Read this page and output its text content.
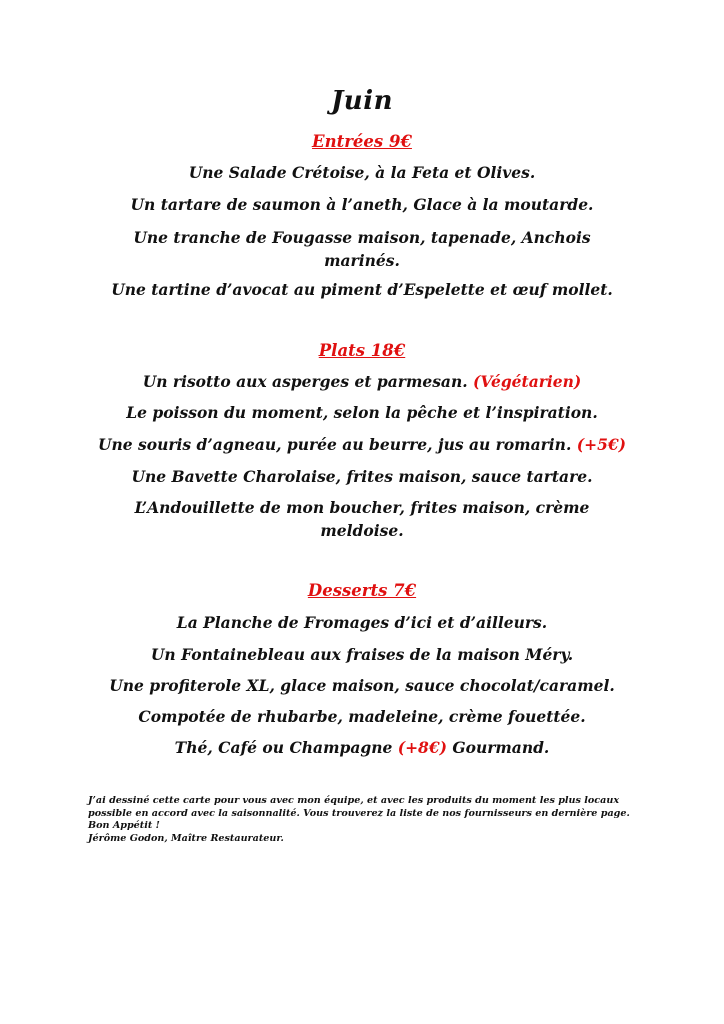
Juin
Entrées 9€
Une Salade Crétoise, à la Feta et Olives.
Un tartare de saumon à l’aneth, Glace à la moutarde.
Une tranche de Fougasse maison, tapenade, Anchois marinés.
Une tartine d’avocat au piment d’Espelette et œuf mollet.
Plats 18€
Un risotto aux asperges et parmesan. (Végétarien)
Le poisson du moment, selon la pêche et l’inspiration.
Une souris d’agneau, purée au beurre, jus au romarin. (+5€)
Une Bavette Charolaise, frites maison, sauce tartare.
L’Andouillette de mon boucher, frites maison, crème meldoise.
Desserts 7€
La Planche de Fromages d’ici et d’ailleurs.
Un Fontainebleau aux fraises de la maison Méry.
Une profiterole XL, glace maison, sauce chocolat/caramel.
Compotée de rhubarbe, madeleine, crème fouettée.
Thé, Café ou Champagne (+8€) Gourmand.
J’ai dessiné cette carte pour vous avec mon équipe, et avec les produits du moment les plus locaux possible en accord avec la saisonnalité. Vous trouverez la liste de nos fournisseurs en dernière page. Bon Appétit !
Jérôme Godon, Maître Restaurateur.
